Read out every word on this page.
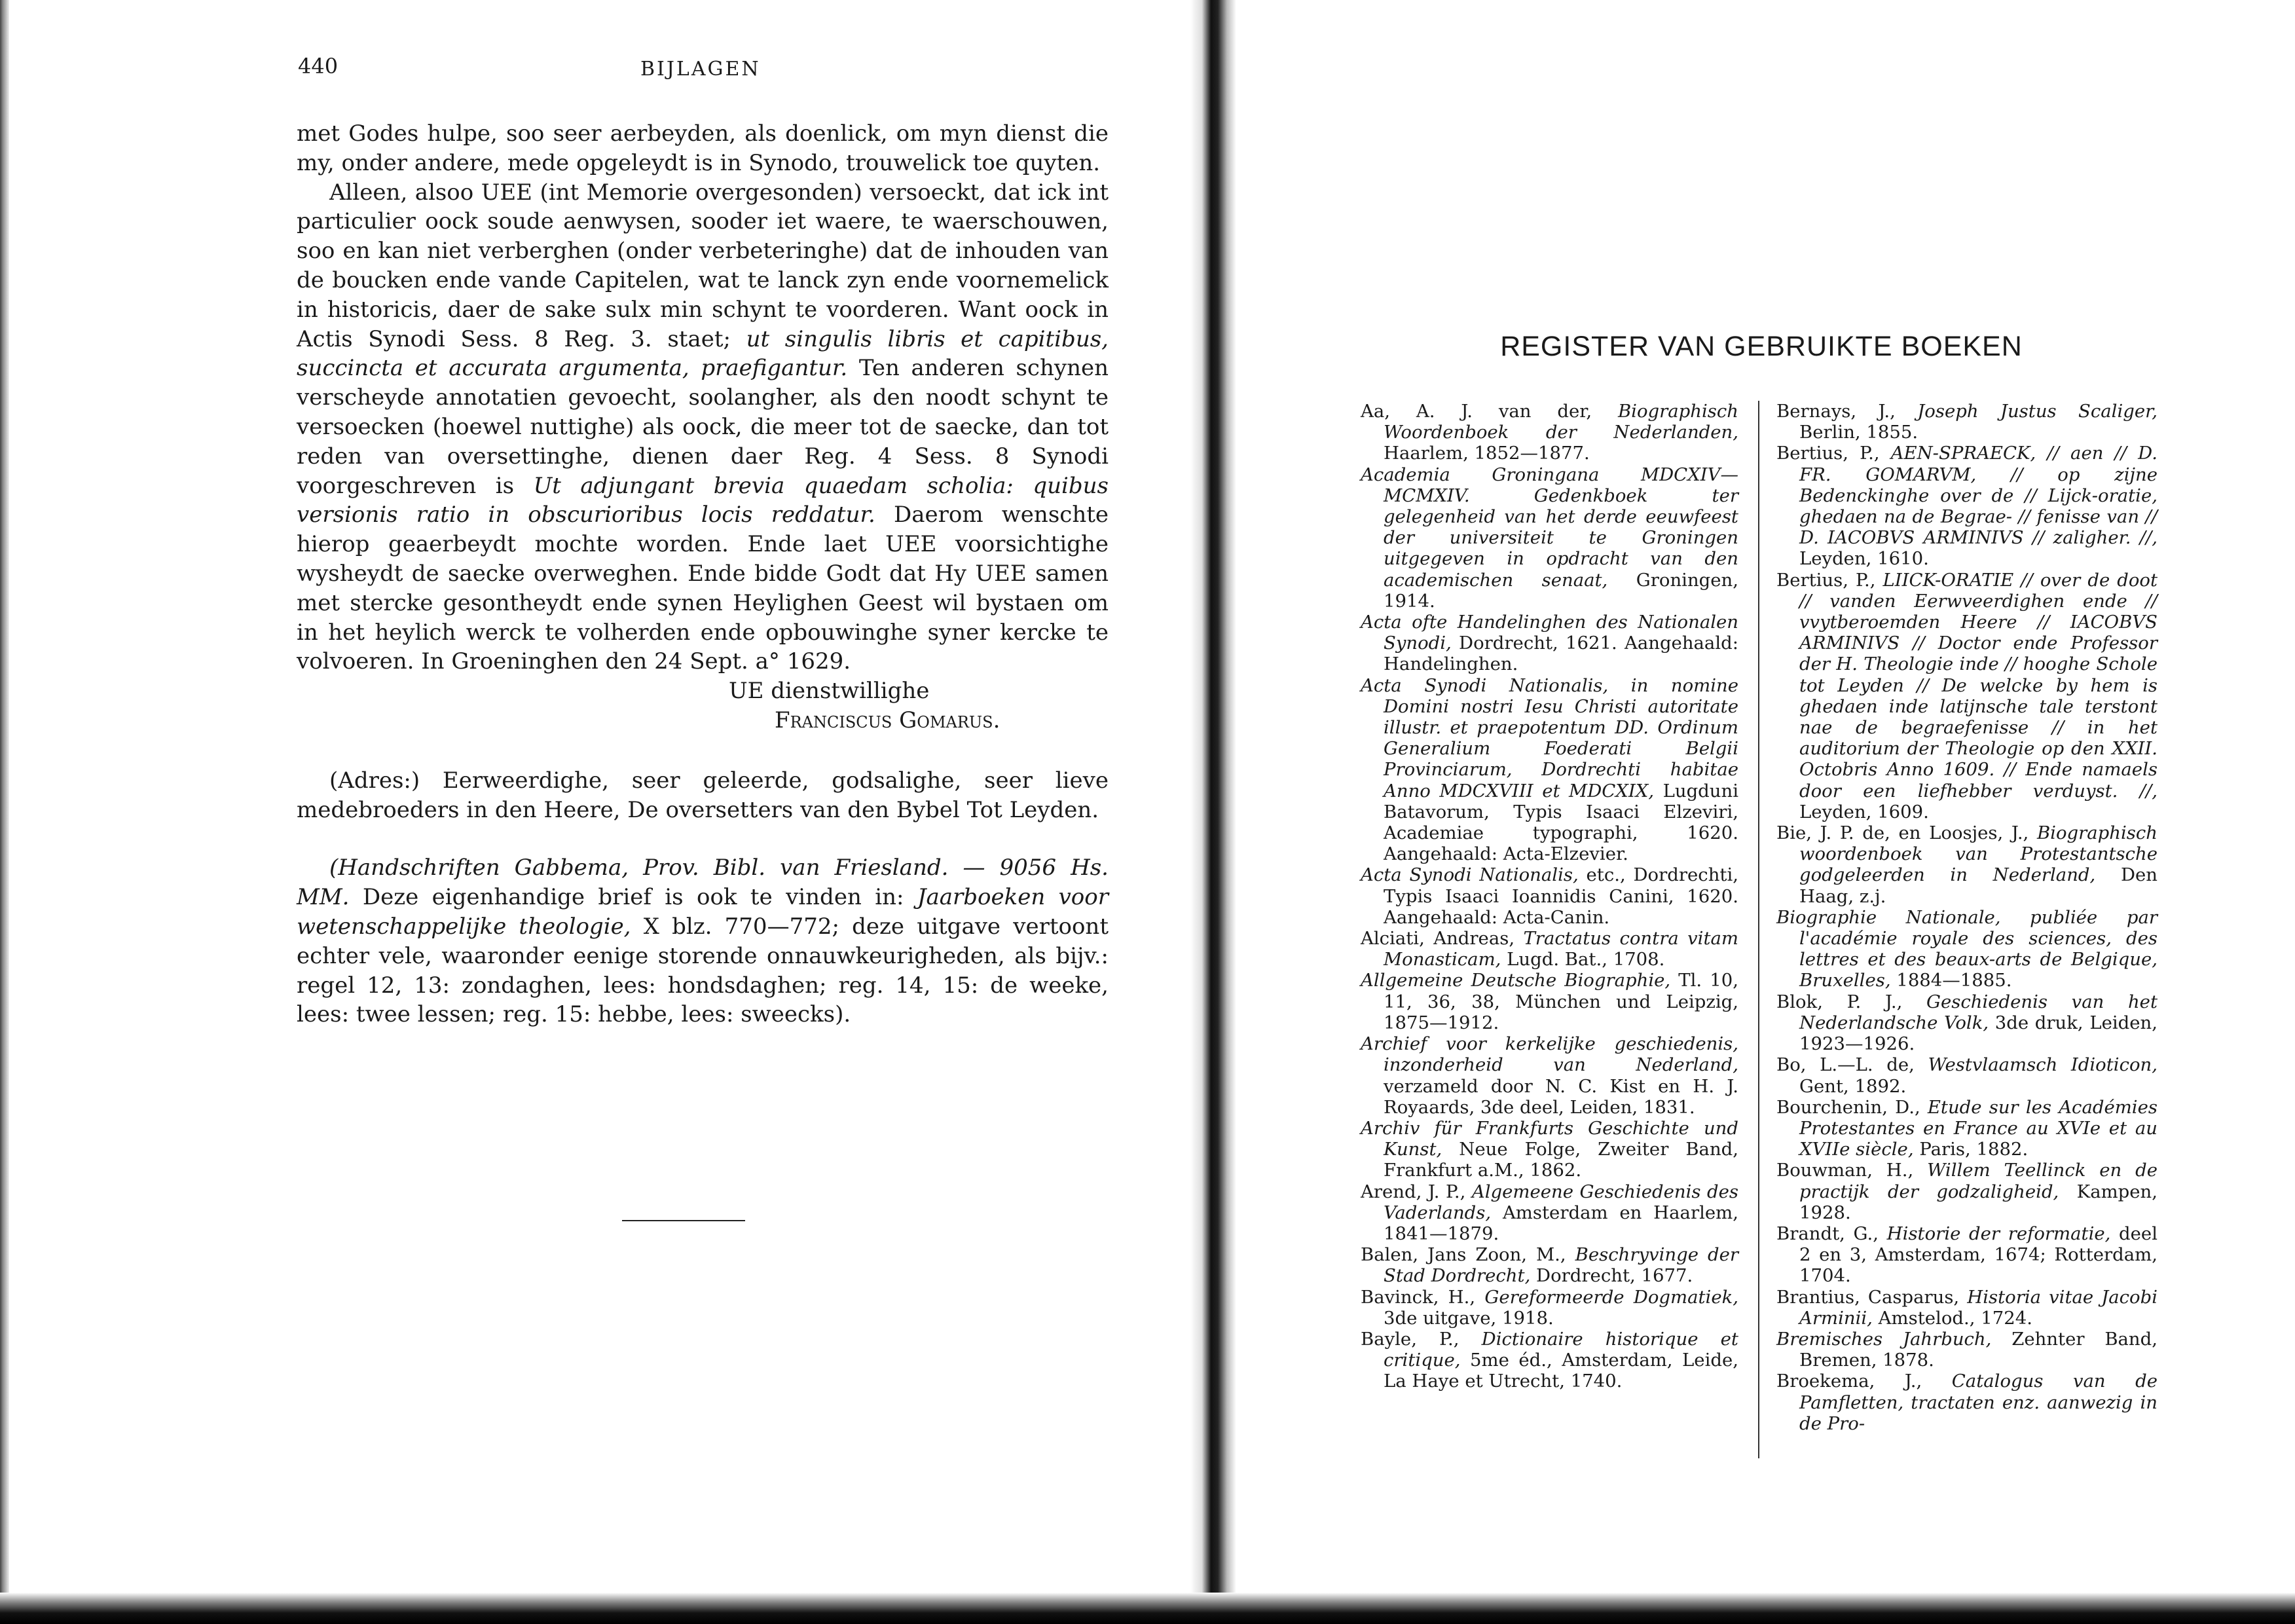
440	BIJLAGEN

met Godes hulpe, soo seer aerbeyden, als doenlick, om myn dienst die my, onder andere, mede opgeleydt is in Synodo, trouwelick toe quyten.

Alleen, alsoo UEE (int Memorie overgesonden) versoeckt, dat ick int particulier oock soude aenwysen, sooder iet waere, te waerschouwen, soo en kan niet verberghen (onder verbeteringhe) dat de inhouden van de boucken ende vande Capitelen, wat te lanck zyn ende voornemelick in historicis, daer de sake sulx min schynt te voorderen. Want oock in Actis Synodi Sess. 8 Reg. 3. staet; ut singulis libris et capitibus, succincta et accurata argumenta, praefigantur. Ten anderen schynen verscheyde annotatien gevoecht, soolangher, als den noodt schynt te versoecken (hoewel nuttighe) als oock, die meer tot de saecke, dan tot reden van oversettinghe, dienen daer Reg. 4 Sess. 8 Synodi voorgeschreven is Ut adjungant brevia quaedam scholia: quibus versionis ratio in obscurioribus locis reddatur. Daerom wenschte hierop geaerbeydt mochte worden. Ende laet UEE voorsichtighe wysheydt de saecke overweghen. Ende bidde Godt dat Hy UEE samen met stercke gesontheydt ende synen Heylighen Geest wil bystaen om in het heylich werck te volherden ende opbouwinghe syner kercke te volvoeren. In Groeninghen den 24 Sept. a° 1629.

UE dienstwillighe

Franciscus Gomarus.

(Adres:) Eerweerdighe, seer geleerde, godsalighe, seer lieve medebroeders in den Heere, De oversetters van den Bybel Tot Leyden.

(Handschriften Gabbema, Prov. Bibl. van Friesland. — 9056 Hs. MM. Deze eigenhandige brief is ook te vinden in: Jaarboeken voor wetenschappelijke theologie, X blz. 770—772; deze uitgave vertoont echter vele, waaronder eenige storende onnauwkeurigheden, als bijv.: regel 12, 13: zondaghen, lees: hondsdaghen; reg. 14, 15: de weeke, lees: twee lessen; reg. 15: hebbe, lees: sweecks).

REGISTER VAN GEBRUIKTE BOEKEN

Aa, A. J. van der, Biographisch Woordenboek der Nederlanden, Haarlem, 1852—1877.

Academia Groningana MDCXIV—MCMXIV. Gedenkboek ter gelegenheid van het derde eeuwfeest der universiteit te Groningen uitgegeven in opdracht van den academischen senaat, Groningen, 1914.

Acta ofte Handelinghen des Nationalen Synodi, Dordrecht, 1621. Aangehaald: Handelinghen.

Acta Synodi Nationalis, in nomine Domini nostri Iesu Christi autoritate illustr. et praepotentum DD. Ordinum Generalium Foederati Belgii Provinciarum, Dordrechti habitae Anno MDCXVIII et MDCXIX, Lugduni Batavorum, Typis Isaaci Elzeviri, Academiae typographi, 1620. Aangehaald: Acta-Elzevier.

Acta Synodi Nationalis, etc., Dordrechti, Typis Isaaci Ioannidis Canini, 1620. Aangehaald: Acta-Canin.

Alciati, Andreas, Tractatus contra vitam Monasticam, Lugd. Bat., 1708.

Allgemeine Deutsche Biographie, Tl. 10, 11, 36, 38, München und Leipzig, 1875—1912.

Archief voor kerkelijke geschiedenis, inzonderheid van Nederland, verzameld door N. C. Kist en H. J. Royaards, 3de deel, Leiden, 1831.

Archiv für Frankfurts Geschichte und Kunst, Neue Folge, Zweiter Band, Frankfurt a.M., 1862.

Arend, J. P., Algemeene Geschiedenis des Vaderlands, Amsterdam en Haarlem, 1841—1879.

Balen, Jans Zoon, M., Beschryvinge der Stad Dordrecht, Dordrecht, 1677.

Bavinck, H., Gereformeerde Dogmatiek, 3de uitgave, 1918.

Bayle, P., Dictionaire historique et critique, 5me éd., Amsterdam, Leide, La Haye et Utrecht, 1740.

Bernays, J., Joseph Justus Scaliger, Berlin, 1855.

Bertius, P., AEN-SPRAECK, // aen // D. FR. GOMARVM, // op zijne Bedenckinghe over de // Lijck-oratie, ghedaen na de Begrae- // fenisse van // D. IACOBVS ARMINIVS // zaligher. //, Leyden, 1610.

Bertius, P., LIICK-ORATIE // over de doot // vanden Eerwveerdighen ende // vvytberoemden Heere // IACOBVS ARMINIVS // Doctor ende Professor der H. Theologie inde // hooghe Schole tot Leyden // De welcke by hem is ghedaen inde latijnsche tale terstont nae de begraefenisse // in het auditorium der Theologie op den XXII. Octobris Anno 1609. // Ende namaels door een liefhebber verduyst. //, Leyden, 1609.

Bie, J. P. de, en Loosjes, J., Biographisch woordenboek van Protestantsche godgeleerden in Nederland, Den Haag, z.j.

Biographie Nationale, publiée par l'académie royale des sciences, des lettres et des beaux-arts de Belgique, Bruxelles, 1884—1885.

Blok, P. J., Geschiedenis van het Nederlandsche Volk, 3de druk, Leiden, 1923—1926.

Bo, L.—L. de, Westvlaamsch Idioticon, Gent, 1892.

Bourchenin, D., Etude sur les Académies Protestantes en France au XVIe et au XVIIe siècle, Paris, 1882.

Bouwman, H., Willem Teellinck en de practijk der godzaligheid, Kampen, 1928.

Brandt, G., Historie der reformatie, deel 2 en 3, Amsterdam, 1674; Rotterdam, 1704.

Brantius, Casparus, Historia vitae Jacobi Arminii, Amstelod., 1724.

Bremisches Jahrbuch, Zehnter Band, Bremen, 1878.

Broekema, J., Catalogus van de Pamfletten, tractaten enz. aanwezig in de Pro-
